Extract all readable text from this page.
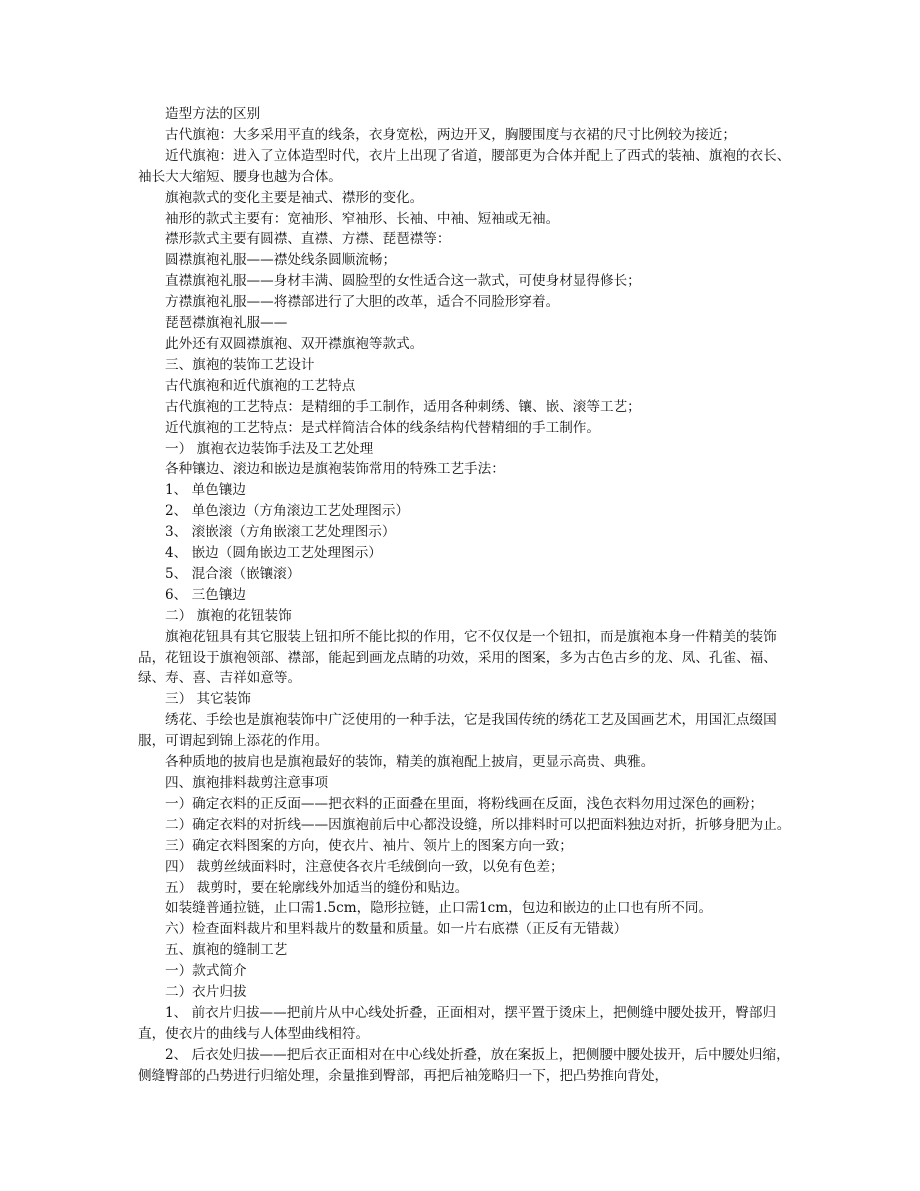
造型方法的区别

古代旗袍：大多采用平直的线条，衣身宽松，两边开叉，胸腰围度与衣裙的尺寸比例较为接近；

近代旗袍：进入了立体造型时代，衣片上出现了省道，腰部更为合体并配上了西式的装袖、旗袍的衣长、袖长大大缩短、腰身也越为合体。

旗袍款式的变化主要是袖式、襟形的变化。

袖形的款式主要有：宽袖形、窄袖形、长袖、中袖、短袖或无袖。

襟形款式主要有圆襟、直襟、方襟、琵琶襟等：

圆襟旗袍礼服——襟处线条圆顺流畅；

直襟旗袍礼服——身材丰满、圆脸型的女性适合这一款式，可使身材显得修长；

方襟旗袍礼服——将襟部进行了大胆的改革，适合不同脸形穿着。

琵琶襟旗袍礼服——

此外还有双圆襟旗袍、双开襟旗袍等款式。

三、旗袍的装饰工艺设计

古代旗袍和近代旗袍的工艺特点

古代旗袍的工艺特点：是精细的手工制作，适用各种刺绣、镶、嵌、滚等工艺；

近代旗袍的工艺特点：是式样简洁合体的线条结构代替精细的手工制作。

一） 旗袍衣边装饰手法及工艺处理

各种镶边、滚边和嵌边是旗袍装饰常用的特殊工艺手法：

1、 单色镶边

2、 单色滚边（方角滚边工艺处理图示）

3、 滚嵌滚（方角嵌滚工艺处理图示）

4、 嵌边（圆角嵌边工艺处理图示）

5、 混合滚（嵌镶滚）

6、 三色镶边

二） 旗袍的花钮装饰

旗袍花钮具有其它服装上钮扣所不能比拟的作用，它不仅仅是一个钮扣，而是旗袍本身一件精美的装饰品，花钮设于旗袍领部、襟部，能起到画龙点睛的功效，采用的图案，多为古色古乡的龙、凤、孔雀、福、绿、寿、喜、吉祥如意等。

三） 其它装饰

绣花、手绘也是旗袍装饰中广泛使用的一种手法，它是我国传统的绣花工艺及国画艺术，用国汇点缀国服，可谓起到锦上添花的作用。

各种质地的披肩也是旗袍最好的装饰，精美的旗袍配上披肩，更显示高贵、典雅。

四、旗袍排料裁剪注意事项

一）确定衣料的正反面——把衣料的正面叠在里面，将粉线画在反面，浅色衣料勿用过深色的画粉；

二）确定衣料的对折线——因旗袍前后中心都没设缝，所以排料时可以把面料独边对折，折够身肥为止。

三）确定衣料图案的方向，使衣片、袖片、领片上的图案方向一致；

四） 裁剪丝绒面料时，注意使各衣片毛绒倒向一致，以免有色差；

五） 裁剪时，要在轮廓线外加适当的缝份和贴边。

如装缝普通拉链，止口需1.5cm，隐形拉链，止口需1cm，包边和嵌边的止口也有所不同。

六）检查面料裁片和里料裁片的数量和质量。如一片右底襟（正反有无错裁）

五、旗袍的缝制工艺

一）款式简介

二）衣片归拔

1、 前衣片归拔——把前片从中心线处折叠，正面相对，摆平置于烫床上，把侧缝中腰处拔开，臀部归直，使衣片的曲线与人体型曲线相符。

2、 后衣处归拔——把后衣正面相对在中心线处折叠，放在案扳上，把侧腰中腰处拔开，后中腰处归缩，侧缝臀部的凸势进行归缩处理，余量推到臀部，再把后袖笼略归一下，把凸势推向背处，
